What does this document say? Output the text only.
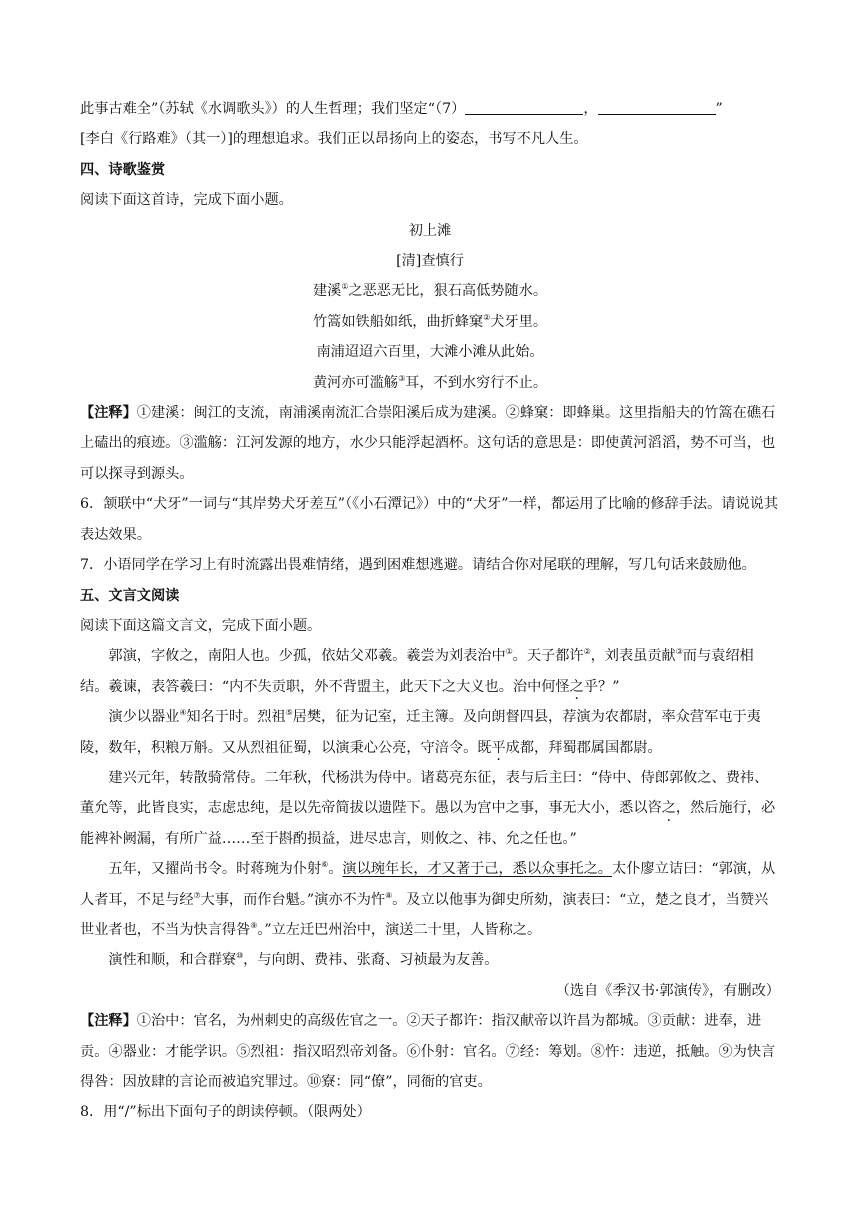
此事古难全”（苏轼《水调歌头》）的人生哲理；我们坚定“（7）	，	”

[李白《行路难》（其一）]的理想追求。我们正以昂扬向上的姿态，书写不凡人生。

四、诗歌鉴赏

阅读下面这首诗，完成下面小题。

初上滩

[清]查慎行

建溪①之恶恶无比，狠石高低势随水。

竹篙如铁船如纸，曲折蜂窠②犬牙里。

南浦迢迢六百里，大滩小滩从此始。

黄河亦可滥觞③耳，不到水穷行不止。

【注释】①建溪：闽江的支流，南浦溪南流汇合崇阳溪后成为建溪。②蜂窠：即蜂巢。这里指船夫的竹篙在礁石上磕出的痕迹。③滥觞：江河发源的地方，水少只能浮起酒杯。这句话的意思是：即使黄河滔滔，势不可当，也可以探寻到源头。

6．颔联中“犬牙”一词与“其岸势犬牙差互”（《小石潭记》）中的“犬牙”一样，都运用了比喻的修辞手法。请说说其表达效果。

7．小语同学在学习上有时流露出畏难情绪，遇到困难想逃避。请结合你对尾联的理解，写几句话来鼓励他。

五、文言文阅读

阅读下面这篇文言文，完成下面小题。

郭演，字攸之，南阳人也。少孤，依姑父邓羲。羲尝为刘表治中①。天子都许②，刘表虽贡献③而与袁绍相结。羲谏，表答羲曰：“内不失贡职，外不背盟主，此天下之大义也。治中何怪之乎？”

演少以器业④知名于时。烈祖⑤居樊，征为记室，迁主簿。及向朗督四县，荐演为农都尉，率众营军屯于夷陵，数年，积粮万斛。又从烈祖征蜀，以演秉心公亮，守涪令。既平成都，拜蜀郡属国都尉。

建兴元年，转散骑常侍。二年秋，代杨洪为侍中。诸葛亮东征，表与后主曰：“侍中、侍郎郭攸之、费祎、董允等，此皆良实，志虑忠纯，是以先帝简拔以遗陛下。愚以为宫中之事，事无大小，悉以咨之，然后施行，必能裨补阙漏，有所广益……至于斟酌损益，进尽忠言，则攸之、祎、允之任也。”

五年，又擢尚书令。时蒋琬为仆射⑥。演以琬年长，才又著于己，悉以众事托之。太仆廖立诘曰：“郭演，从人者耳，不足与经⑦大事，而作台魁。”演亦不为忤⑧。及立以他事为御史所劾，演表曰：“立，楚之良才，当赞兴世业者也，不当为快言得咎⑨。”立左迁巴州治中，演送二十里，人皆称之。

演性和顺，和合群寮⑩，与向朗、费祎、张裔、习祯最为友善。

（选自《季汉书·郭演传》，有删改）

【注释】①治中：官名，为州刺史的高级佐官之一。②天子都许：指汉献帝以许昌为都城。③贡献：进奉，进贡。④器业：才能学识。⑤烈祖：指汉昭烈帝刘备。⑥仆射：官名。⑦经：筹划。⑧忤：违逆，抵触。⑨为快言得咎：因放肆的言论而被追究罪过。⑩寮：同“僚”，同衙的官吏。

8．用“/”标出下面句子的朗读停顿。（限两处）
